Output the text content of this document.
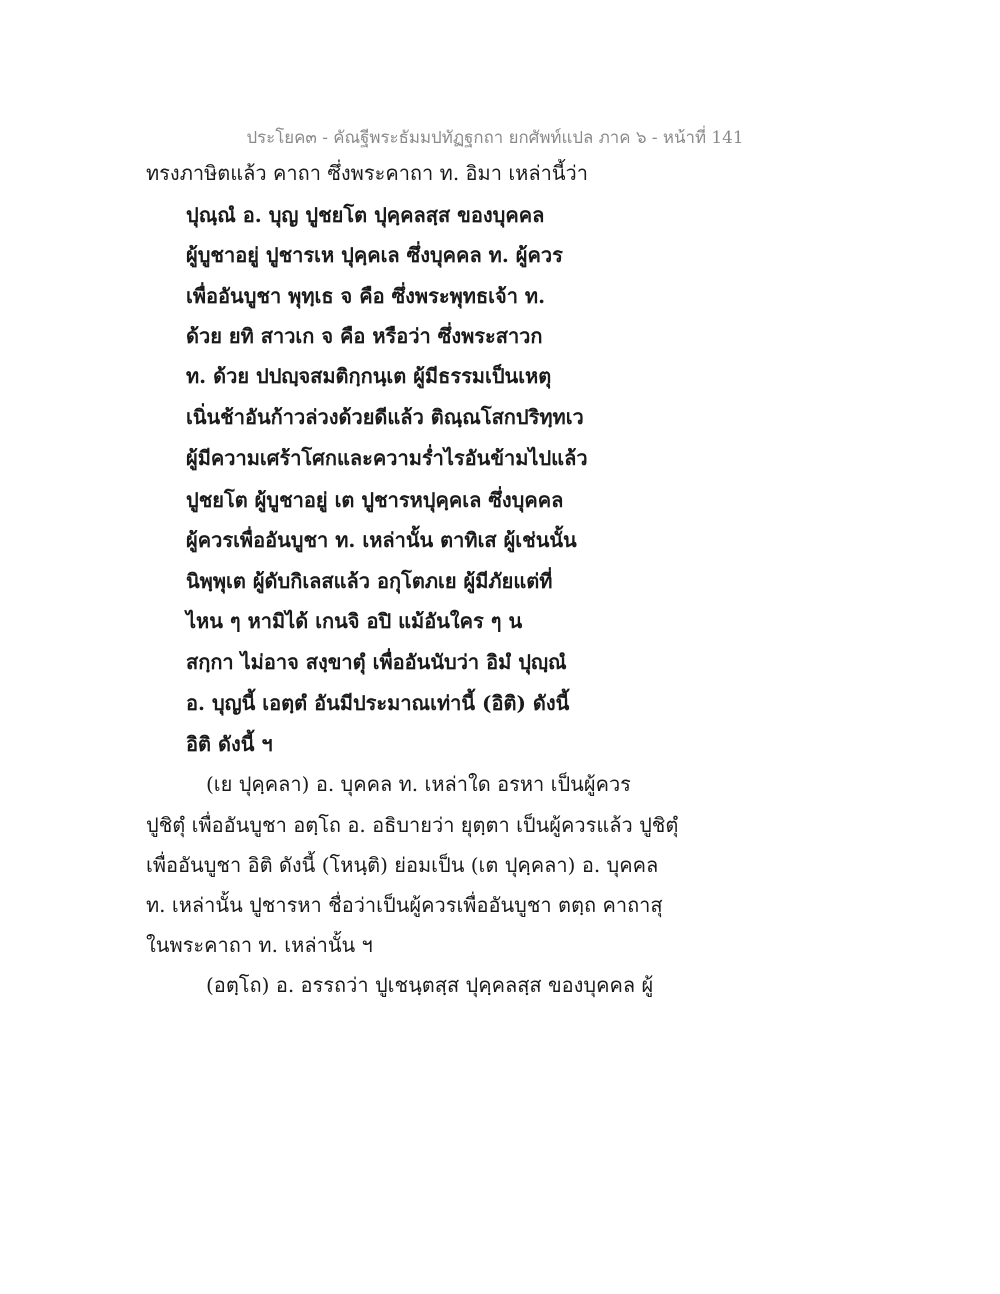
ประโยค๓ - คัณฐีพระธัมมปทัฏฐกถา ยกศัพท์แปล ภาค ๖ - หน้าที่ 141
ทรงภาษิตแล้ว คาถา ซึ่งพระคาถา ท. อิมา เหล่านี้ว่า
ปุณฺณํ อ. บุญ ปูชยโต ปุคฺคลสฺส ของบุคคล
ผู้บูชาอยู่ ปูชารเห ปุคฺคเล ซึ่งบุคคล ท. ผู้ควร
เพื่ออันบูชา พุทฺเธ จ คือ ซึ่งพระพุทธเจ้า ท.
ด้วย ยทิ สาวเก จ คือ หรือว่า ซึ่งพระสาวก
ท. ด้วย ปปญฺจสมติกฺกนฺเต ผู้มีธรรมเป็นเหตุ
เนิ่นช้าอันก้าวล่วงด้วยดีแล้ว ติณฺณโสกปริทฺทเว
ผู้มีความเศร้าโศกและความร่ำไรอันข้ามไปแล้ว
ปูชยโต ผู้บูชาอยู่ เต ปูชารหปุคฺคเล ซึ่งบุคคล
ผู้ควรเพื่ออันบูชา ท. เหล่านั้น ตาทิเส ผู้เช่นนั้น
นิพฺพุเต ผู้ดับกิเลสแล้ว อกุโตภเย ผู้มีภัยแต่ที่
ไหน ๆ หามิได้ เกนจิ อปิ แม้อันใคร ๆ น
สกฺกา ไม่อาจ สงฺขาตุํ เพื่ออันนับว่า อิมํ ปุญฺณํ
อ. บุญนี้ เอตฺตํ อันมีประมาณเท่านี้ (อิติ) ดังนี้
อิติ ดังนี้ ฯ
(เย ปุคฺคลา) อ. บุคคล ท. เหล่าใด อรหา เป็นผู้ควร
ปูชิตุํ เพื่ออันบูชา อตฺโถ อ. อธิบายว่า ยุตฺตา เป็นผู้ควรแล้ว ปูชิตุํ
เพื่ออันบูชา อิติ ดังนี้ (โหนฺติ) ย่อมเป็น (เต ปุคฺคลา) อ. บุคคล
ท. เหล่านั้น ปูชารหา ชื่อว่าเป็นผู้ควรเพื่ออันบูชา ตตฺถ คาถาสุ
ในพระคาถา ท. เหล่านั้น ฯ
(อตฺโถ) อ. อรรถว่า ปูเชนฺตสฺส ปุคฺคลสฺส ของบุคคล ผู้
